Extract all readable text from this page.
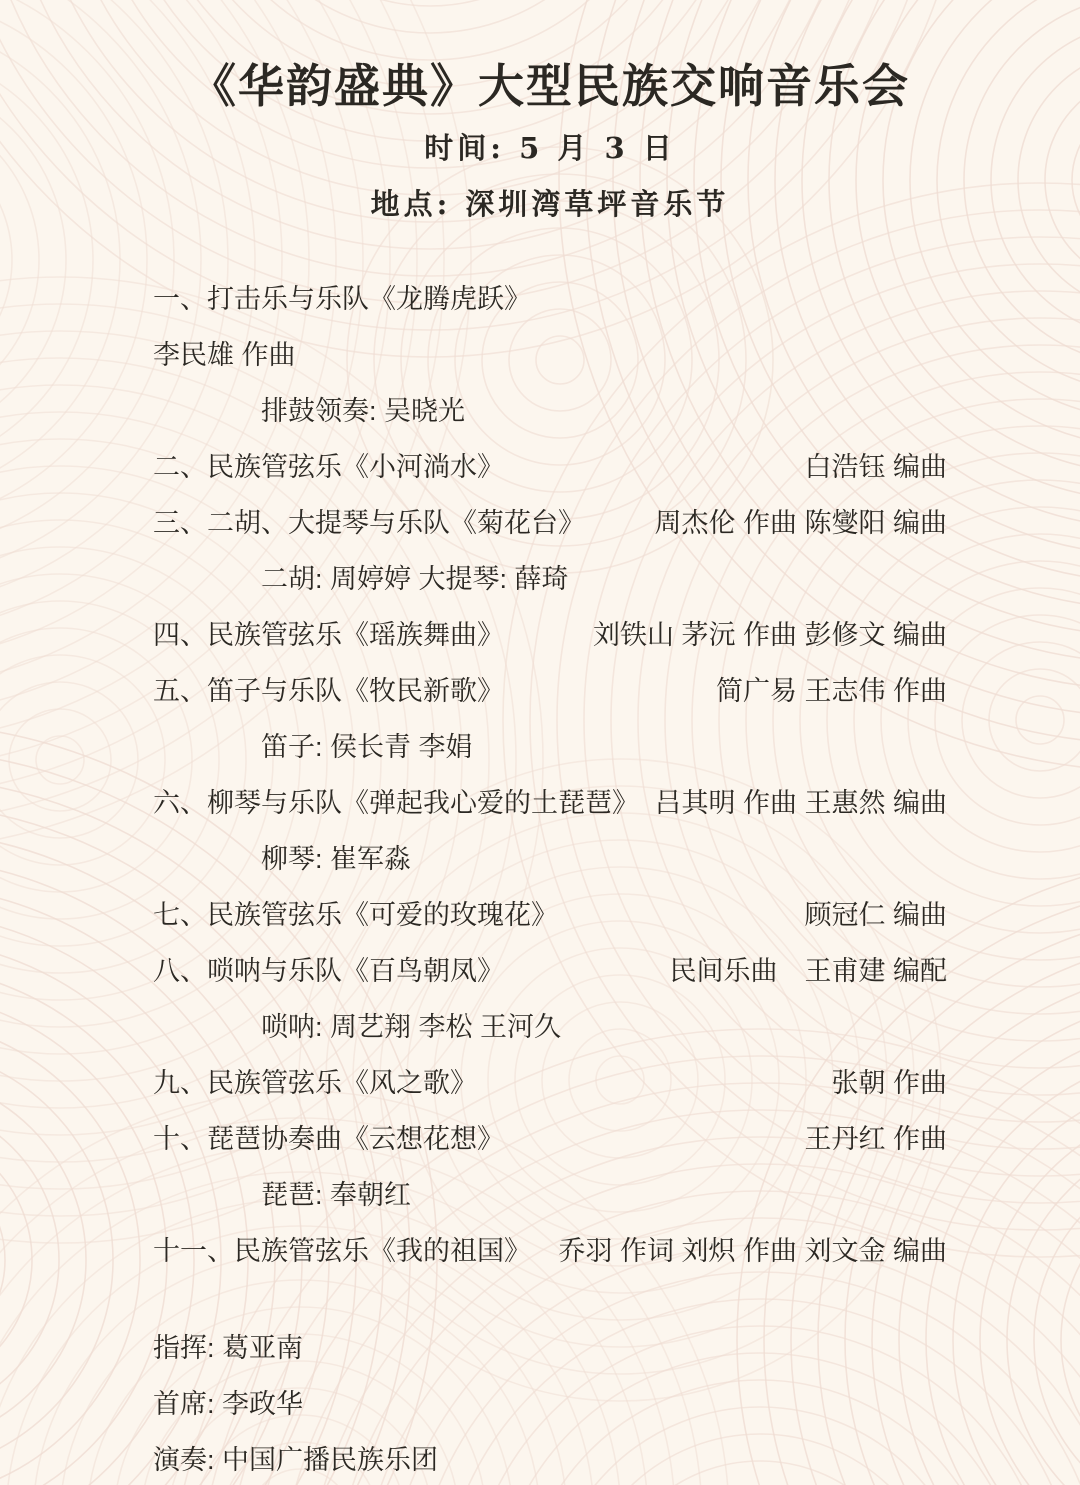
《华韵盛典》大型民族交响音乐会
时间: 5 月 3 日
地点: 深圳湾草坪音乐节
一、打击乐与乐队《龙腾虎跃》
李民雄 作曲
排鼓领奏: 吴晓光
二、民族管弦乐《小河淌水》	白浩钰 编曲
三、二胡、大提琴与乐队《菊花台》	周杰伦 作曲 陈燮阳 编曲
二胡: 周婷婷 大提琴: 薛琦
四、民族管弦乐《瑶族舞曲》	刘铁山 茅沅 作曲 彭修文 编曲
五、笛子与乐队《牧民新歌》	简广易 王志伟 作曲
笛子: 侯长青 李娟
六、柳琴与乐队《弹起我心爱的土琵琶》 吕其明 作曲 王惠然 编曲
柳琴: 崔军淼
七、民族管弦乐《可爱的玫瑰花》	顾冠仁 编曲
八、唢呐与乐队《百鸟朝凤》	民间乐曲　王甫建 编配
唢呐: 周艺翔 李松 王河久
九、民族管弦乐《风之歌》	张朝 作曲
十、琵琶协奏曲《云想花想》	王丹红 作曲
琵琶: 奉朝红
十一、民族管弦乐《我的祖国》 乔羽 作词 刘炽 作曲 刘文金 编曲
指挥: 葛亚南
首席: 李政华
演奏: 中国广播民族乐团
